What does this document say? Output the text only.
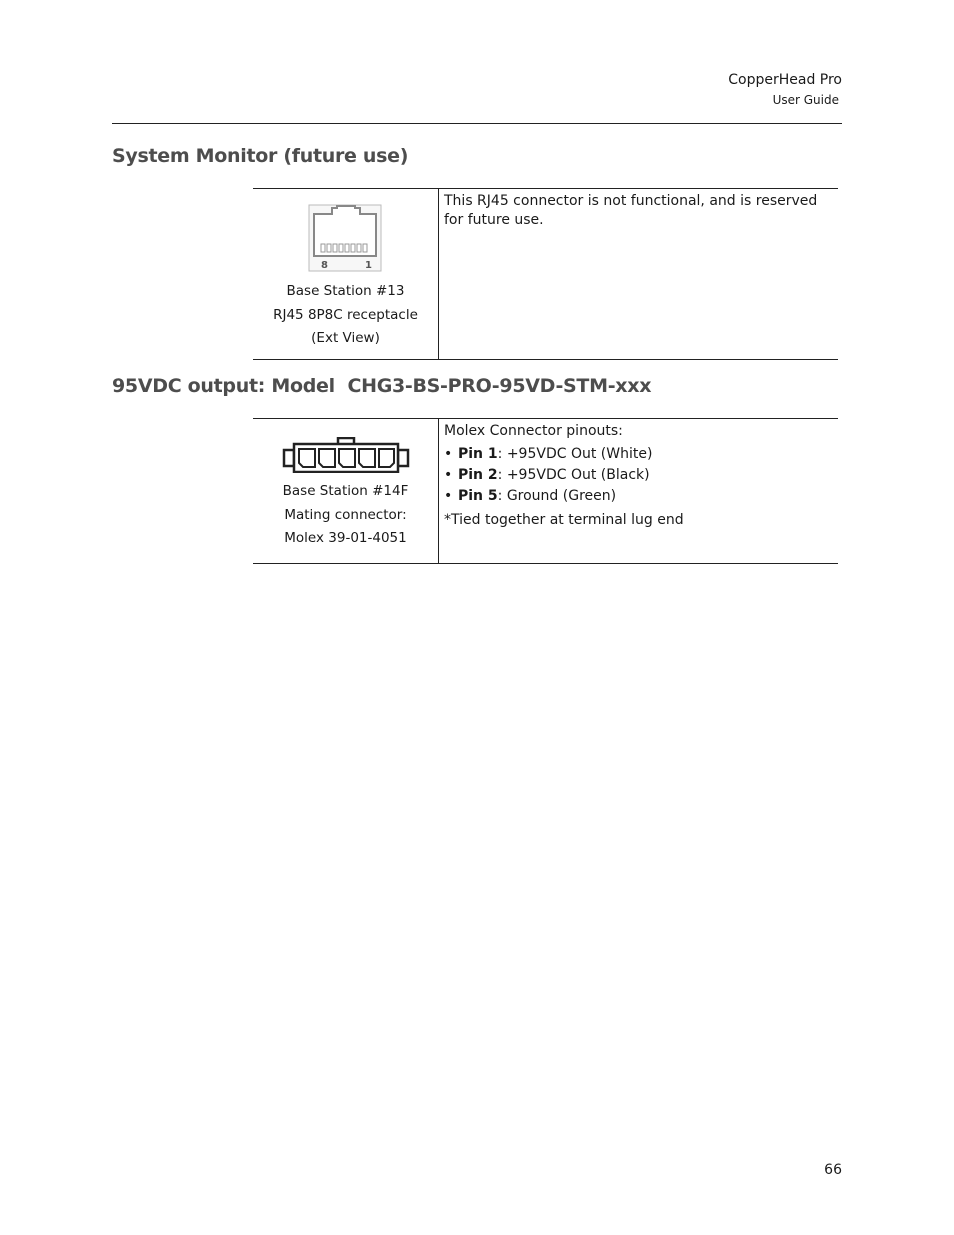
CopperHead Pro
User Guide
System Monitor (future use)
8	1
Base Station #13
RJ45 8P8C receptacle
(Ext View)

This RJ45 connector is not functional, and is reserved for future use.
95VDC output: Model  CHG3-BS-PRO-95VD-STM-xxx
Base Station #14F
Mating connector:
Molex 39-01-4051

Molex Connector pinouts:
• Pin 1: +95VDC Out (White)
• Pin 2: +95VDC Out (Black)
• Pin 5: Ground (Green)
*Tied together at terminal lug end
66
